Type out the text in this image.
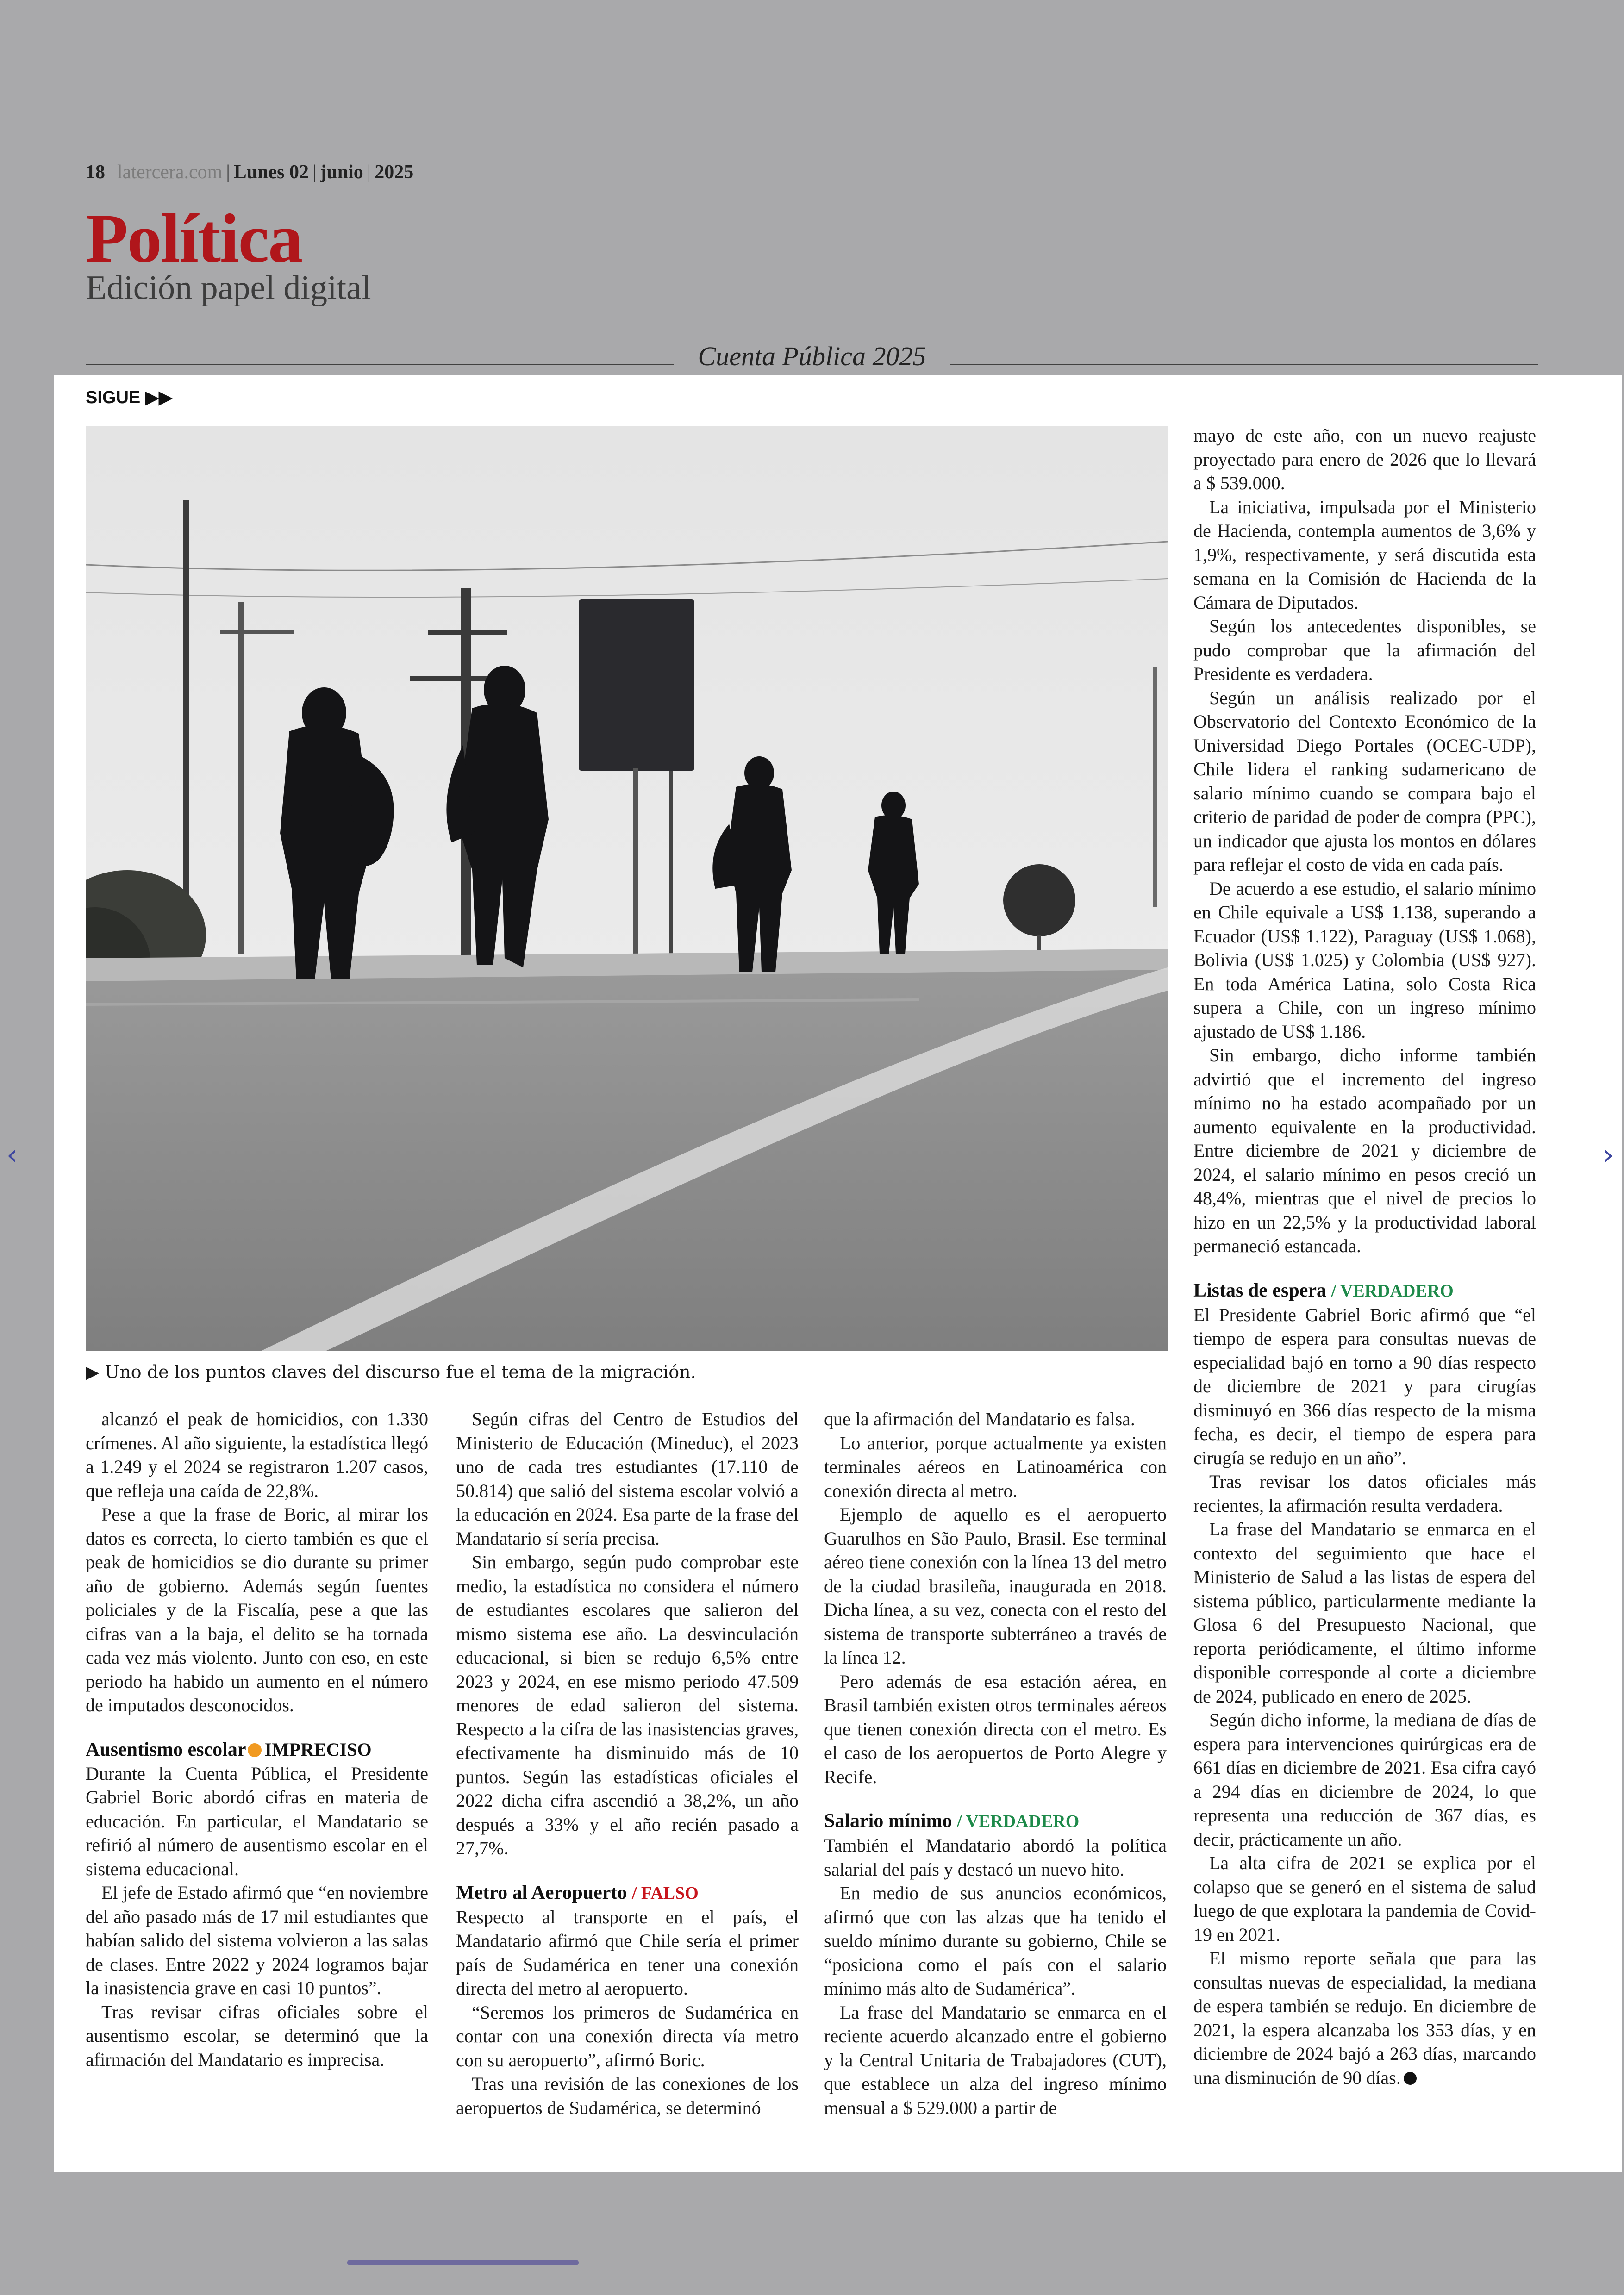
18 latercera.com | Lunes 02 | junio | 2025
Política
Edición papel digital
Cuenta Pública 2025
SIGUE ▶▶
▶ Uno de los puntos claves del discurso fue el tema de la migración.

alcanzó el peak de homicidios, con 1.330 crímenes. Al año siguiente, la estadística llegó a 1.249 y el 2024 se registraron 1.207 casos, que refleja una caída de 22,8%.

Pese a que la frase de Boric, al mirar los datos es correcta, lo cierto también es que el peak de homicidios se dio durante su primer año de gobierno. Además según fuentes policiales y de la Fiscalía, pese a que las cifras van a la baja, el delito se ha tornada cada vez más violento. Junto con eso, en este periodo ha habido un aumento en el número de imputados desconocidos.

Ausentismo escolar IMPRECISO

Durante la Cuenta Pública, el Presidente Gabriel Boric abordó cifras en materia de educación. En particular, el Mandatario se refirió al número de ausentismo escolar en el sistema educacional.

El jefe de Estado afirmó que “en noviembre del año pasado más de 17 mil estudiantes que habían salido del sistema volvieron a las salas de clases. Entre 2022 y 2024 logramos bajar la inasistencia grave en casi 10 puntos”.

Tras revisar cifras oficiales sobre el ausentismo escolar, se determinó que la afirmación del Mandatario es imprecisa.

Según cifras del Centro de Estudios del Ministerio de Educación (Mineduc), el 2023 uno de cada tres estudiantes (17.110 de 50.814) que salió del sistema escolar volvió a la educación en 2024. Esa parte de la frase del Mandatario sí sería precisa.

Sin embargo, según pudo comprobar este medio, la estadística no considera el número de estudiantes escolares que salieron del mismo sistema ese año. La desvinculación educacional, si bien se redujo 6,5% entre 2023 y 2024, en ese mismo periodo 47.509 menores de edad salieron del sistema. Respecto a la cifra de las inasistencias graves, efectivamente ha disminuido más de 10 puntos. Según las estadísticas oficiales el 2022 dicha cifra ascendió a 38,2%, un año después a 33% y el año recién pasado a 27,7%.

Metro al Aeropuerto / FALSO

Respecto al transporte en el país, el Mandatario afirmó que Chile sería el primer país de Sudamérica en tener una conexión directa del metro al aeropuerto.

“Seremos los primeros de Sudamérica en contar con una conexión directa vía metro con su aeropuerto”, afirmó Boric.

Tras una revisión de las conexiones de los aeropuertos de Sudamérica, se determinó

que la afirmación del Mandatario es falsa.

Lo anterior, porque actualmente ya existen terminales aéreos en Latinoamérica con conexión directa al metro.

Ejemplo de aquello es el aeropuerto Guarulhos en São Paulo, Brasil. Ese terminal aéreo tiene conexión con la línea 13 del metro de la ciudad brasileña, inaugurada en 2018. Dicha línea, a su vez, conecta con el resto del sistema de transporte subterráneo a través de la línea 12.

Pero además de esa estación aérea, en Brasil también existen otros terminales aéreos que tienen conexión directa con el metro. Es el caso de los aeropuertos de Porto Alegre y Recife.

Salario mínimo / VERDADERO

También el Mandatario abordó la política salarial del país y destacó un nuevo hito.

En medio de sus anuncios económicos, afirmó que con las alzas que ha tenido el sueldo mínimo durante su gobierno, Chile se “posiciona como el país con el salario mínimo más alto de Sudamérica”.

La frase del Mandatario se enmarca en el reciente acuerdo alcanzado entre el gobierno y la Central Unitaria de Trabajadores (CUT), que establece un alza del ingreso mínimo mensual a $ 529.000 a partir de

mayo de este año, con un nuevo reajuste proyectado para enero de 2026 que lo llevará a $ 539.000.

La iniciativa, impulsada por el Ministerio de Hacienda, contempla aumentos de 3,6% y 1,9%, respectivamente, y será discutida esta semana en la Comisión de Hacienda de la Cámara de Diputados.

Según los antecedentes disponibles, se pudo comprobar que la afirmación del Presidente es verdadera.

Según un análisis realizado por el Observatorio del Contexto Económico de la Universidad Diego Portales (OCEC-UDP), Chile lidera el ranking sudamericano de salario mínimo cuando se compara bajo el criterio de paridad de poder de compra (PPC), un indicador que ajusta los montos en dólares para reflejar el costo de vida en cada país.

De acuerdo a ese estudio, el salario mínimo en Chile equivale a US$ 1.138, superando a Ecuador (US$ 1.122), Paraguay (US$ 1.068), Bolivia (US$ 1.025) y Colombia (US$ 927). En toda América Latina, solo Costa Rica supera a Chile, con un ingreso mínimo ajustado de US$ 1.186.

Sin embargo, dicho informe también advirtió que el incremento del ingreso mínimo no ha estado acompañado por un aumento equivalente en la productividad. Entre diciembre de 2021 y diciembre de 2024, el salario mínimo en pesos creció un 48,4%, mientras que el nivel de precios lo hizo en un 22,5% y la productividad laboral permaneció estancada.

Listas de espera / VERDADERO

El Presidente Gabriel Boric afirmó que “el tiempo de espera para consultas nuevas de especialidad bajó en torno a 90 días respecto de diciembre de 2021 y para cirugías disminuyó en 366 días respecto de la misma fecha, es decir, el tiempo de espera para cirugía se redujo en un año”.

Tras revisar los datos oficiales más recientes, la afirmación resulta verdadera.

La frase del Mandatario se enmarca en el contexto del seguimiento que hace el Ministerio de Salud a las listas de espera del sistema público, particularmente mediante la Glosa 6 del Presupuesto Nacional, que reporta periódicamente, el último informe disponible corresponde al corte a diciembre de 2024, publicado en enero de 2025.

Según dicho informe, la mediana de días de espera para intervenciones quirúrgicas era de 661 días en diciembre de 2021. Esa cifra cayó a 294 días en diciembre de 2024, lo que representa una reducción de 367 días, es decir, prácticamente un año.

La alta cifra de 2021 se explica por el colapso que se generó en el sistema de salud luego de que explotara la pandemia de Covid-19 en 2021.

El mismo reporte señala que para las consultas nuevas de especialidad, la mediana de espera también se redujo. En diciembre de 2021, la espera alcanzaba los 353 días, y en diciembre de 2024 bajó a 263 días, marcando una disminución de 90 días.

‹	›
